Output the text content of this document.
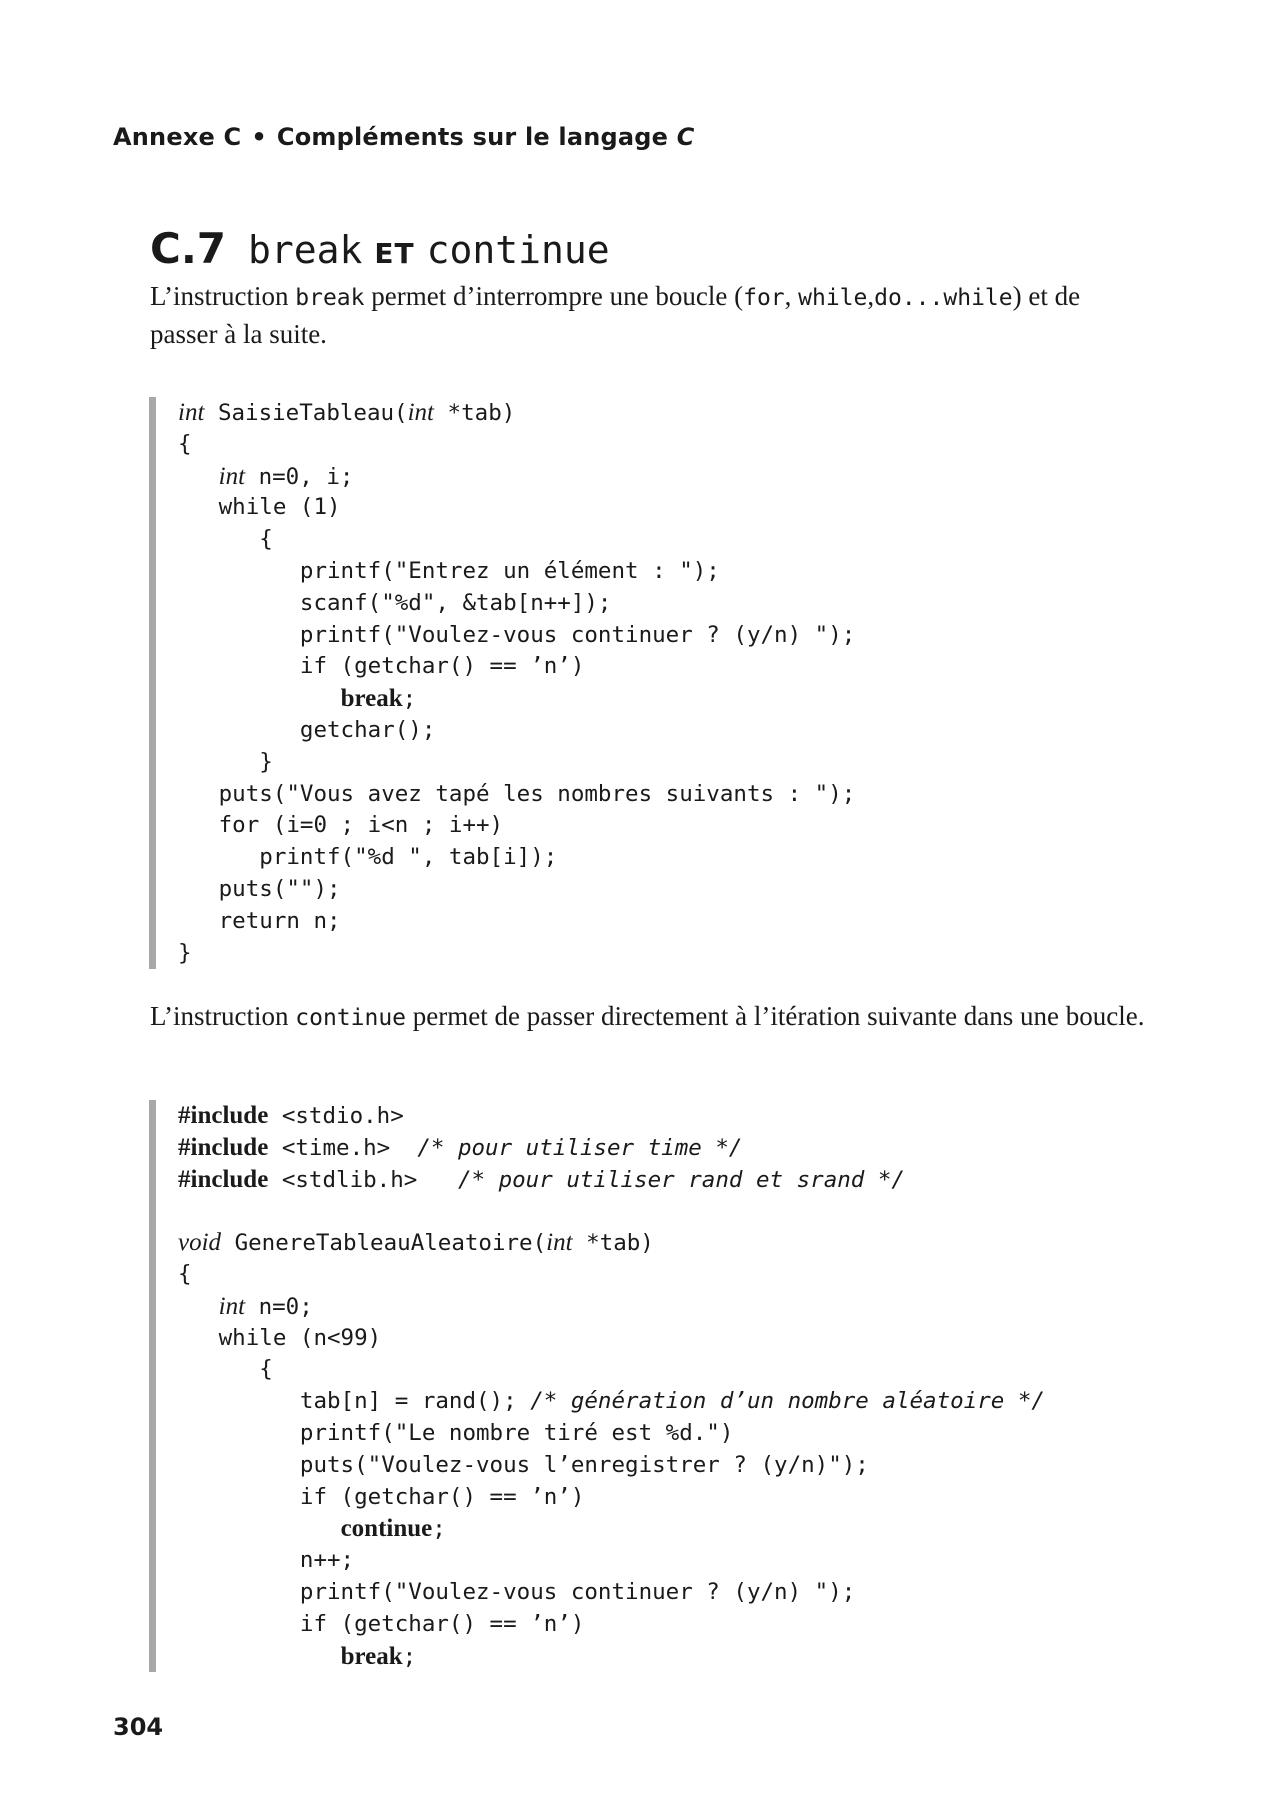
Annexe C • Compléments sur le langage C
C.7 break ET continue

L’instruction break permet d’interrompre une boucle (for, while,do...while) et de passer à la suite.

int SaisieTableau(int *tab)
{
int n=0, i;
while (1)
{
printf("Entrez un élément : ");
scanf("%d", &tab[n++]);
printf("Voulez-vous continuer ? (y/n) ");
if (getchar() == ’n’)
break;
getchar();
}
puts("Vous avez tapé les nombres suivants : ");
for (i=0 ; i<n ; i++)
printf("%d ", tab[i]);
puts("");
return n;
}

L’instruction continue permet de passer directement à l’itération suivante dans une boucle.

#include <stdio.h>
#include <time.h>  /* pour utiliser time */
#include <stdlib.h>   /* pour utiliser rand et srand */
void GenereTableauAleatoire(int *tab)
{
int n=0;
while (n<99)
{
tab[n] = rand(); /* génération d’un nombre aléatoire */
printf("Le nombre tiré est %d.")
puts("Voulez-vous l’enregistrer ? (y/n)");
if (getchar() == ’n’)
continue;
n++;
printf("Voulez-vous continuer ? (y/n) ");
if (getchar() == ’n’)
break;
304
